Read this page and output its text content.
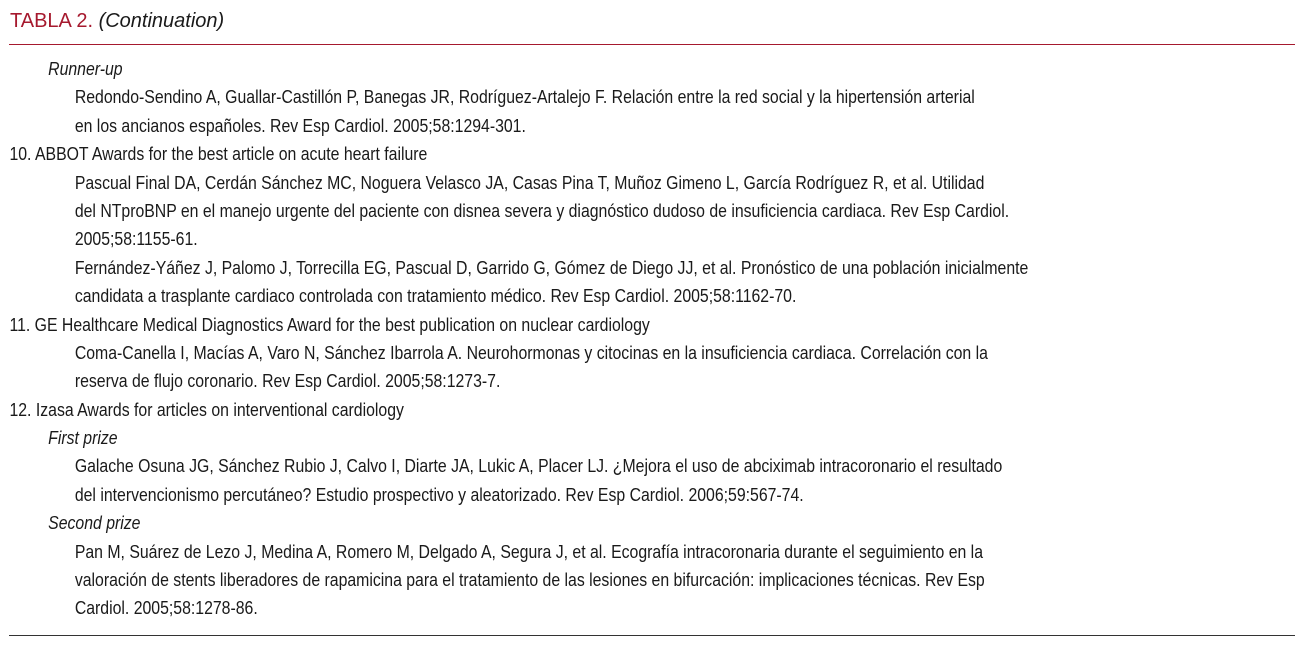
TABLA 2. (Continuation)
Runner-up
Redondo-Sendino A, Guallar-Castillón P, Banegas JR, Rodríguez-Artalejo F. Relación entre la red social y la hipertensión arterial
en los ancianos españoles. Rev Esp Cardiol. 2005;58:1294-301.
10. ABBOT Awards for the best article on acute heart failure
Pascual Final DA, Cerdán Sánchez MC, Noguera Velasco JA, Casas Pina T, Muñoz Gimeno L, García Rodríguez R, et al. Utilidad
del NTproBNP en el manejo urgente del paciente con disnea severa y diagnóstico dudoso de insuficiencia cardiaca. Rev Esp Cardiol.
2005;58:1155-61.
Fernández-Yáñez J, Palomo J, Torrecilla EG, Pascual D, Garrido G, Gómez de Diego JJ, et al. Pronóstico de una población inicialmente
candidata a trasplante cardiaco controlada con tratamiento médico. Rev Esp Cardiol. 2005;58:1162-70.
11. GE Healthcare Medical Diagnostics Award for the best publication on nuclear cardiology
Coma-Canella I, Macías A, Varo N, Sánchez Ibarrola A. Neurohormonas y citocinas en la insuficiencia cardiaca. Correlación con la
reserva de flujo coronario. Rev Esp Cardiol. 2005;58:1273-7.
12. Izasa Awards for articles on interventional cardiology
First prize
Galache Osuna JG, Sánchez Rubio J, Calvo I, Diarte JA, Lukic A, Placer LJ. ¿Mejora el uso de abciximab intracoronario el resultado
del intervencionismo percutáneo? Estudio prospectivo y aleatorizado. Rev Esp Cardiol. 2006;59:567-74.
Second prize
Pan M, Suárez de Lezo J, Medina A, Romero M, Delgado A, Segura J, et al. Ecografía intracoronaria durante el seguimiento en la
valoración de stents liberadores de rapamicina para el tratamiento de las lesiones en bifurcación: implicaciones técnicas. Rev Esp
Cardiol. 2005;58:1278-86.
